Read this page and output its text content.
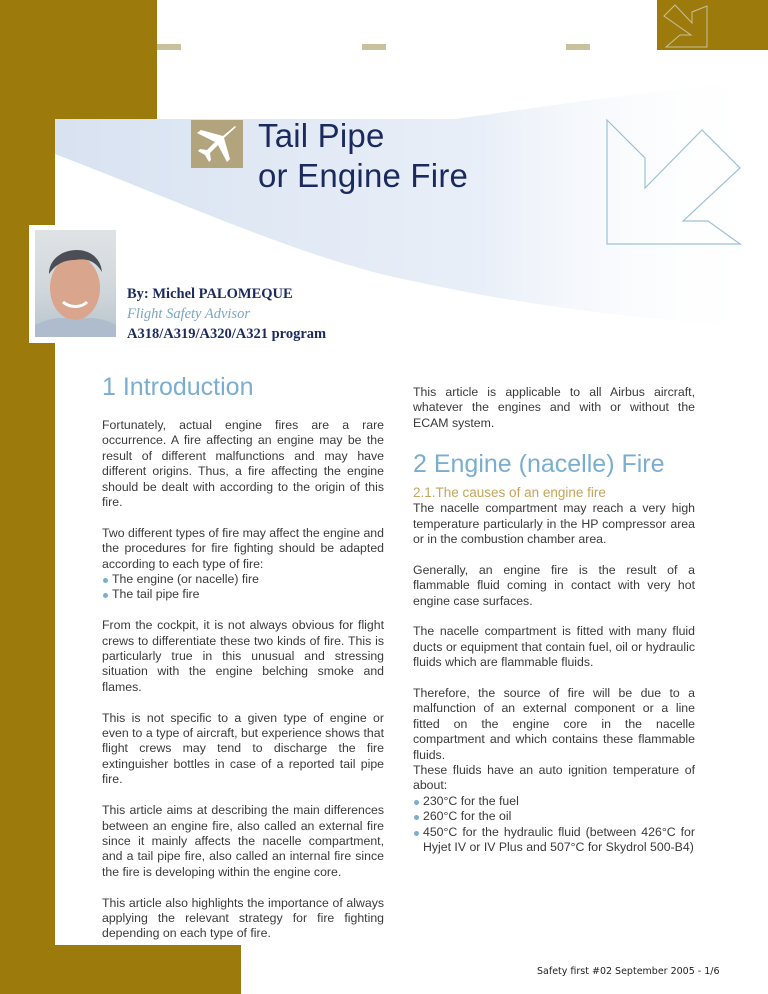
Tail Pipe
or Engine Fire
By: Michel PALOMEQUE
Flight Safety Advisor
A318/A319/A320/A321 program
1 Introduction

Fortunately, actual engine fires are a rare occurrence. A fire affecting an engine may be the result of different malfunctions and may have different origins. Thus, a fire affecting the engine should be dealt with according to the origin of this fire.

Two different types of fire may affect the engine and the procedures for fire fighting should be adapted according to each type of fire:

The engine (or nacelle) fire
The tail pipe fire

From the cockpit, it is not always obvious for flight crews to differentiate these two kinds of fire. This is particularly true in this unusual and stressing situation with the engine belching smoke and flames.

This is not specific to a given type of engine or even to a type of aircraft, but experience shows that flight crews may tend to discharge the fire extinguisher bottles in case of a reported tail pipe fire.

This article aims at describing the main differences between an engine fire, also called an external fire since it mainly affects the nacelle compartment, and a tail pipe fire, also called an internal fire since the fire is developing within the engine core.

This article also highlights the importance of always applying the relevant strategy for fire fighting depending on each type of fire.

This article is applicable to all Airbus aircraft, whatever the engines and with or without the ECAM system.

2 Engine (nacelle) Fire
2.1.The causes of an engine fire

The nacelle compartment may reach a very high temperature particularly in the HP compressor area or in the combustion chamber area.

Generally, an engine fire is the result of a flammable fluid coming in contact with very hot engine case surfaces.

The nacelle compartment is fitted with many fluid ducts or equipment that contain fuel, oil or hydraulic fluids which are flammable fluids.

Therefore, the source of fire will be due to a malfunction of an external component or a line fitted on the engine core in the nacelle compartment and which contains these flammable fluids.

These fluids have an auto ignition temperature of about:

230°C for the fuel
260°C for the oil
450°C for the hydraulic fluid (between 426°C for Hyjet IV or IV Plus and 507°C for Skydrol 500-B4)
Safety first #02 September 2005 - 1/6
